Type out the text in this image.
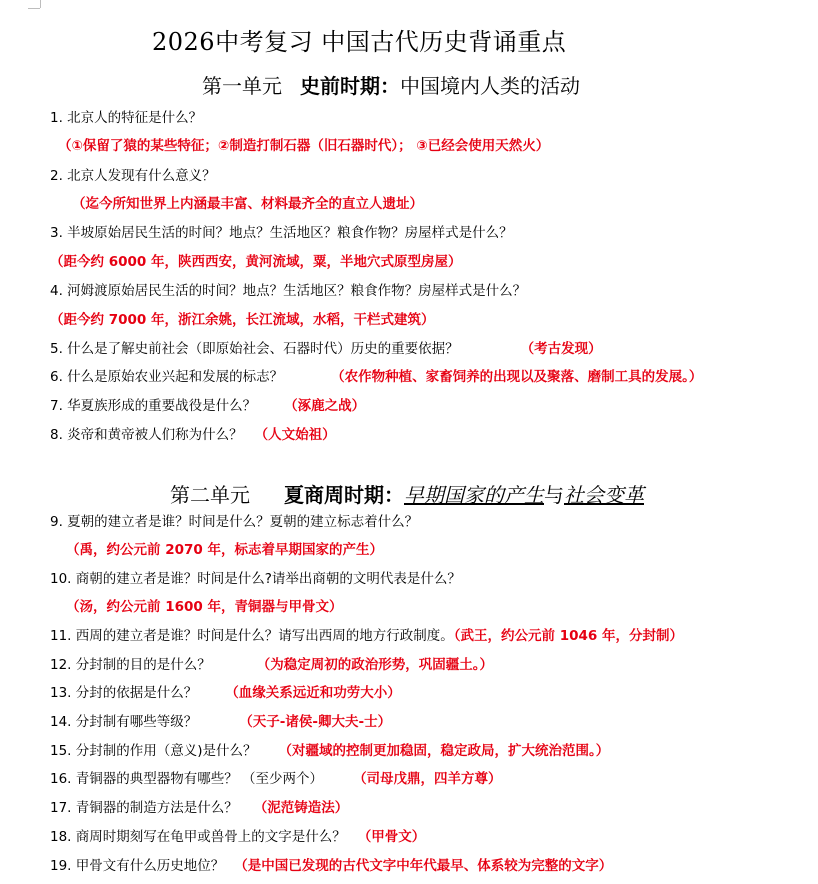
2026中考复习 中国古代历史背诵重点
第一单元 史前时期：中国境内人类的活动
1. 北京人的特征是什么？
（①保留了猿的某些特征；②制造打制石器（旧石器时代）； ③已经会使用天然火）
2. 北京人发现有什么意义？
（迄今所知世界上内涵最丰富、材料最齐全的直立人遗址）
3. 半坡原始居民生活的时间？地点？生活地区？粮食作物？房屋样式是什么？
（距今约 6000 年，陕西西安，黄河流域，粟，半地穴式原型房屋）
4. 河姆渡原始居民生活的时间？地点？生活地区？粮食作物？房屋样式是什么？
（距今约 7000 年，浙江余姚，长江流域，水稻，干栏式建筑）
5. 什么是了解史前社会（即原始社会、石器时代）历史的重要依据？	（考古发现）
6. 什么是原始农业兴起和发展的标志？	（农作物种植、家畜饲养的出现以及聚落、磨制工具的发展。）
7. 华夏族形成的重要战役是什么？ （涿鹿之战）
8. 炎帝和黄帝被人们称为什么？ （人文始祖）
第二单元 夏商周时期：早期国家的产生与社会变革
9. 夏朝的建立者是谁？时间是什么？夏朝的建立标志着什么？
（禹，约公元前 2070 年，标志着早期国家的产生）
10. 商朝的建立者是谁？时间是什么?请举出商朝的文明代表是什么？
（汤，约公元前 1600 年，青铜器与甲骨文）
11. 西周的建立者是谁？时间是什么？请写出西周的地方行政制度。（武王，约公元前 1046 年，分封制）
12. 分封制的目的是什么？	（为稳定周初的政治形势，巩固疆土。）
13. 分封的依据是什么？ （血缘关系远近和功劳大小）
14. 分封制有哪些等级？	（天子-诸侯-卿大夫-士）
15. 分封制的作用（意义)是什么？ （对疆域的控制更加稳固，稳定政局，扩大统治范围。）
16. 青铜器的典型器物有哪些？ （至少两个） （司母戊鼎，四羊方尊）
17. 青铜器的制造方法是什么？ （泥范铸造法）
18. 商周时期刻写在龟甲或兽骨上的文字是什么？ （甲骨文）
19. 甲骨文有什么历史地位？ （是中国已发现的古代文字中年代最早、体系较为完整的文字）
